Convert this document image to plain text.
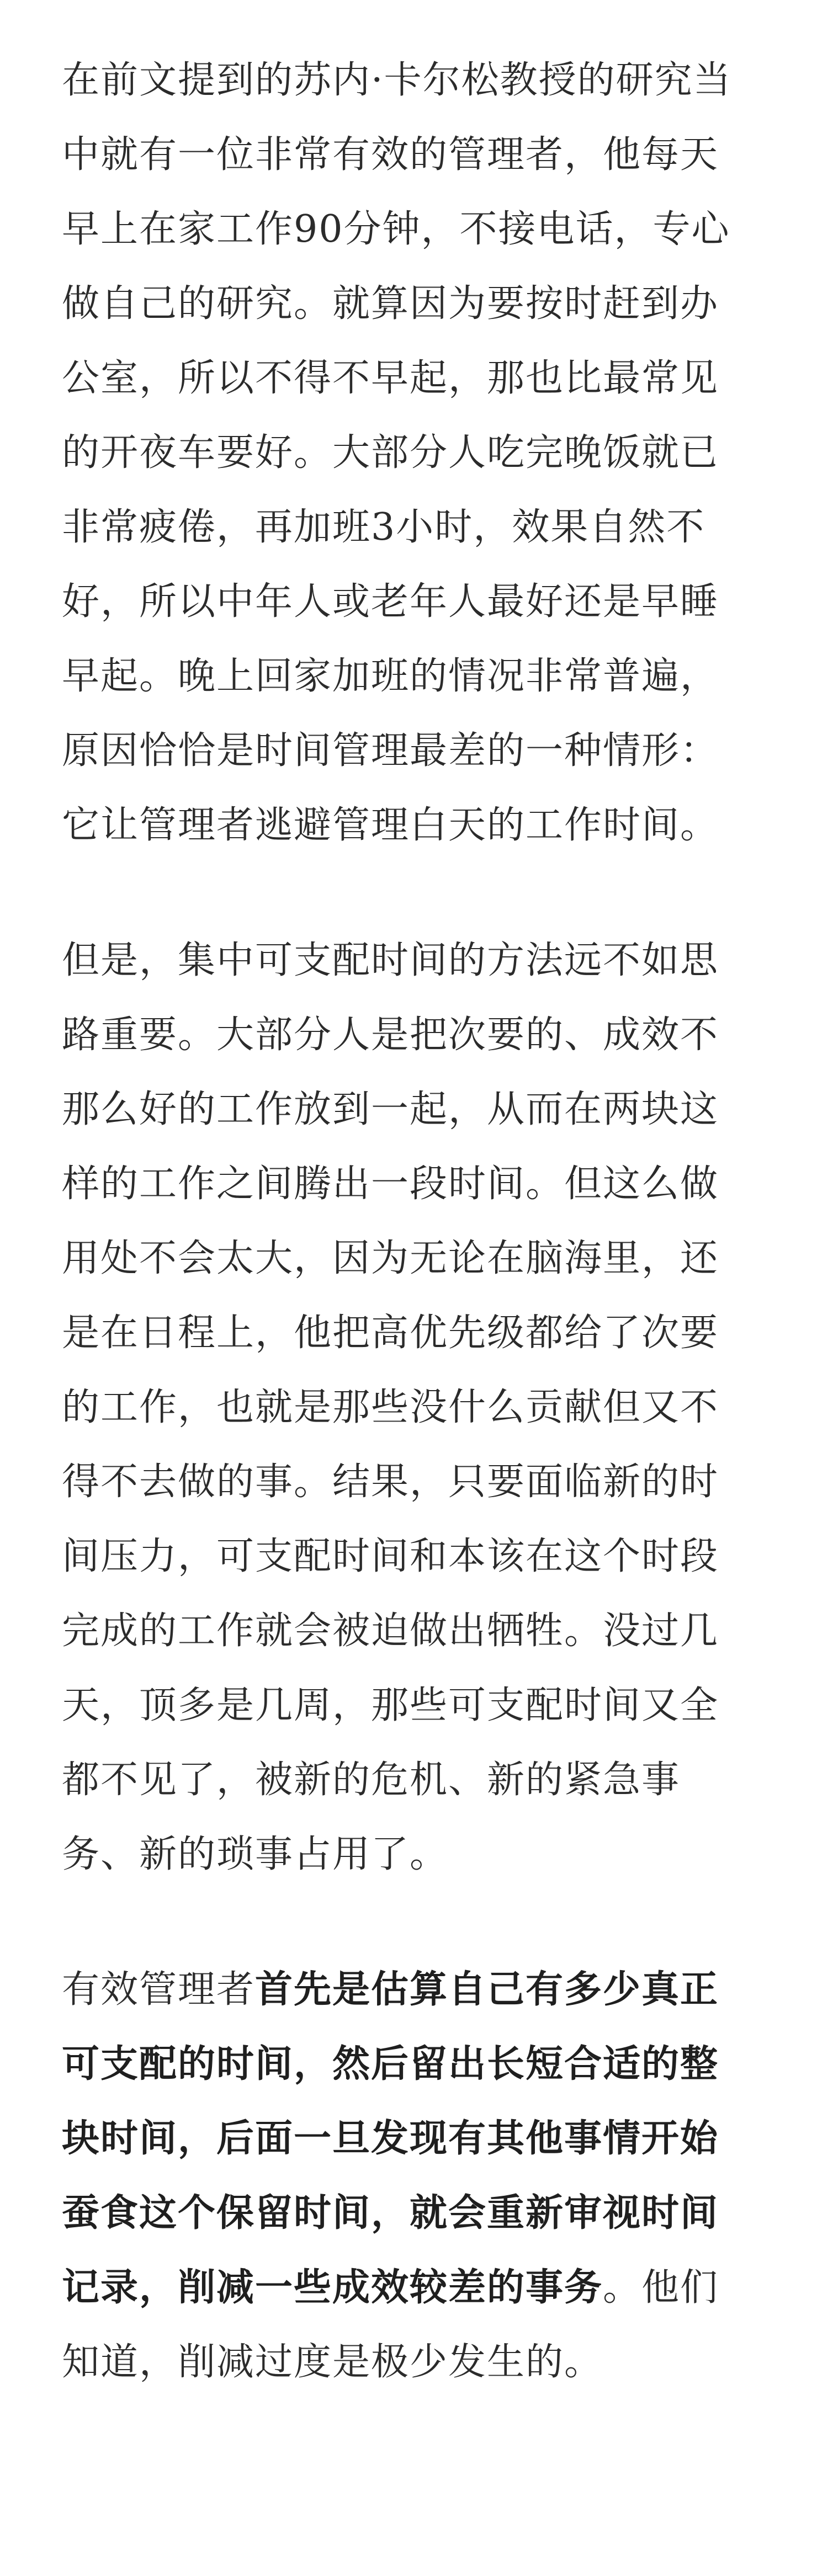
在前文提到的苏内·卡尔松教授的研究当中就有一位非常有效的管理者，他每天早上在家工作90分钟，不接电话，专心做自己的研究。就算因为要按时赶到办公室，所以不得不早起，那也比最常见的开夜车要好。大部分人吃完晚饭就已非常疲倦，再加班3小时，效果自然不好，所以中年人或老年人最好还是早睡早起。晚上回家加班的情况非常普遍，原因恰恰是时间管理最差的一种情形：它让管理者逃避管理白天的工作时间。

但是，集中可支配时间的方法远不如思路重要。大部分人是把次要的、成效不那么好的工作放到一起，从而在两块这样的工作之间腾出一段时间。但这么做用处不会太大，因为无论在脑海里，还是在日程上，他把高优先级都给了次要的工作，也就是那些没什么贡献但又不得不去做的事。结果，只要面临新的时间压力，可支配时间和本该在这个时段完成的工作就会被迫做出牺牲。没过几天，顶多是几周，那些可支配时间又全都不见了，被新的危机、新的紧急事务、新的琐事占用了。

有效管理者首先是估算自己有多少真正可支配的时间，然后留出长短合适的整块时间，后面一旦发现有其他事情开始蚕食这个保留时间，就会重新审视时间记录，削减一些成效较差的事务。他们知道，削减过度是极少发生的。
